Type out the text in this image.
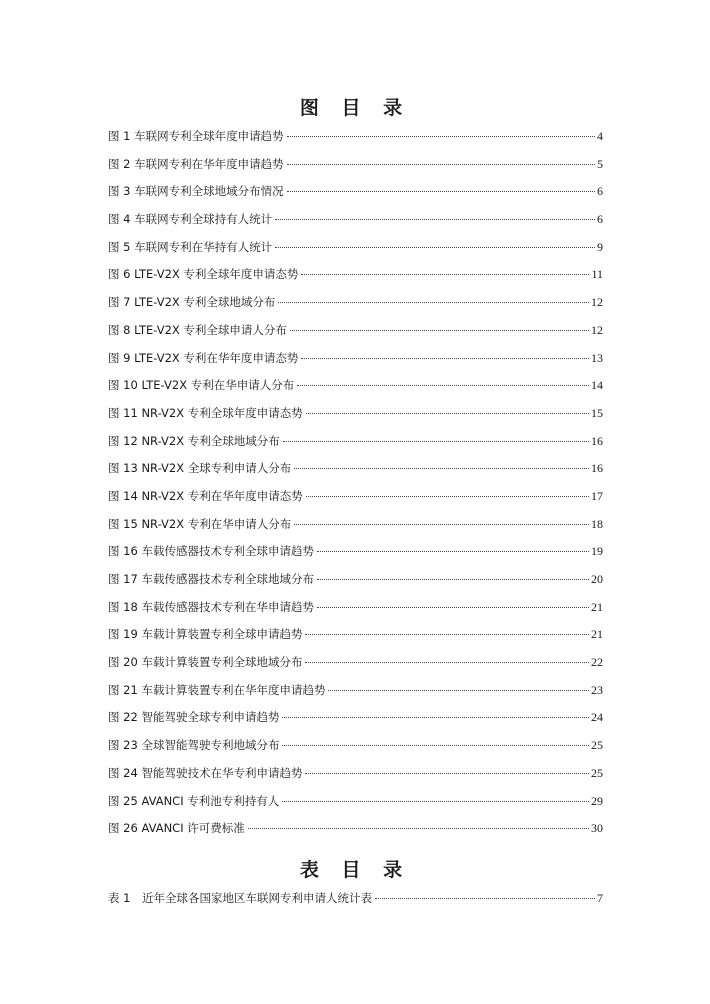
图 目 录
图 1 车联网专利全球年度申请趋势	4
图 2 车联网专利在华年度申请趋势	5
图 3 车联网专利全球地域分布情况	6
图 4 车联网专利全球持有人统计	6
图 5 车联网专利在华持有人统计	9
图 6 LTE-V2X 专利全球年度申请态势	11
图 7 LTE-V2X 专利全球地域分布	12
图 8 LTE-V2X 专利全球申请人分布	12
图 9 LTE-V2X 专利在华年度申请态势	13
图 10 LTE-V2X 专利在华申请人分布	14
图 11 NR-V2X 专利全球年度申请态势	15
图 12 NR-V2X 专利全球地域分布	16
图 13 NR-V2X 全球专利申请人分布	16
图 14 NR-V2X 专利在华年度申请态势	17
图 15 NR-V2X 专利在华申请人分布	18
图 16 车载传感器技术专利全球申请趋势	19
图 17 车载传感器技术专利全球地域分布	20
图 18 车载传感器技术专利在华申请趋势	21
图 19 车载计算装置专利全球申请趋势	21
图 20 车载计算装置专利全球地域分布	22
图 21 车载计算装置专利在华年度申请趋势	23
图 22 智能驾驶全球专利申请趋势	24
图 23 全球智能驾驶专利地域分布	25
图 24 智能驾驶技术在华专利申请趋势	25
图 25 AVANCI 专利池专利持有人	29
图 26 AVANCI 许可费标准	30
表 目 录
表 1　近年全球各国家地区车联网专利申请人统计表	7
